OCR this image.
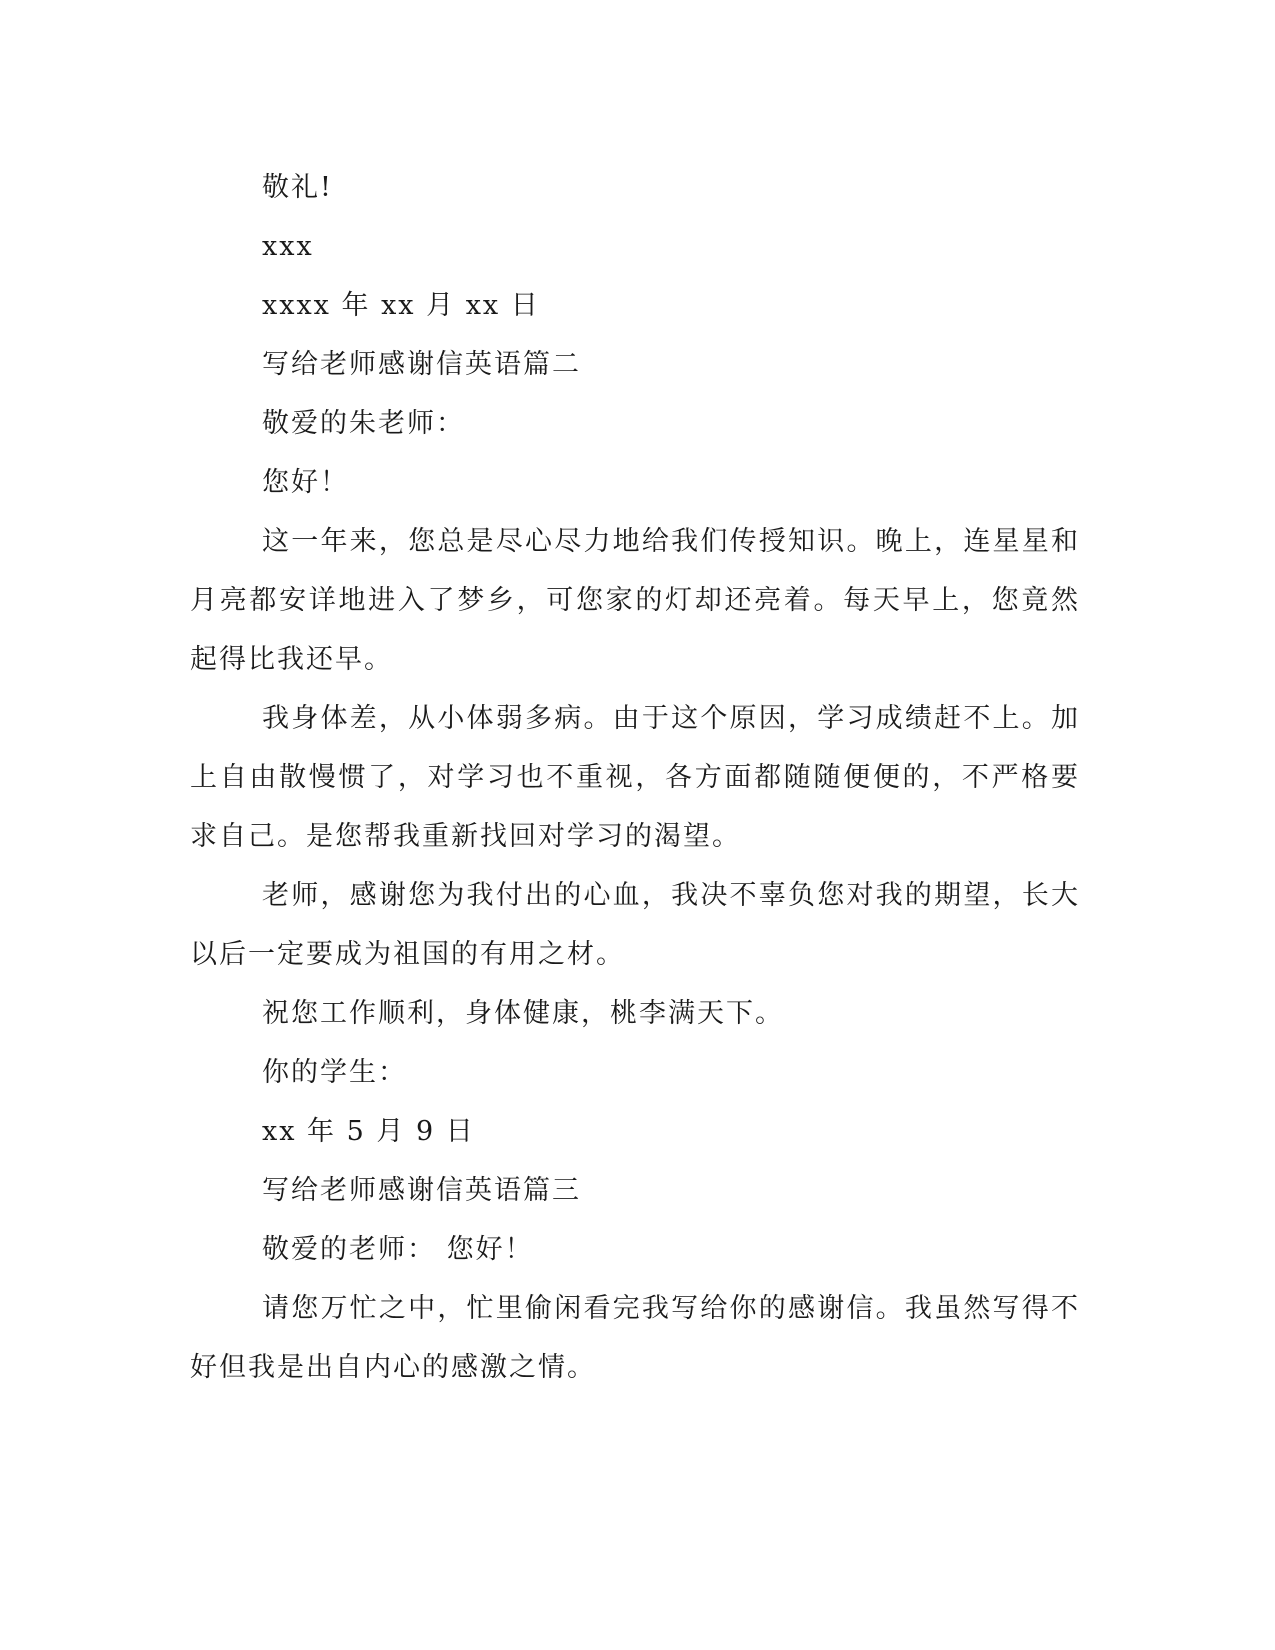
敬礼!

xxx

xxxx 年 xx 月 xx 日

写给老师感谢信英语篇二

敬爱的朱老师：

您好！

这一年来，您总是尽心尽力地给我们传授知识。晚上，连星星和月亮都安详地进入了梦乡，可您家的灯却还亮着。每天早上，您竟然起得比我还早。

我身体差，从小体弱多病。由于这个原因，学习成绩赶不上。加上自由散慢惯了，对学习也不重视，各方面都随随便便的，不严格要求自己。是您帮我重新找回对学习的渴望。

老师，感谢您为我付出的心血，我决不辜负您对我的期望，长大以后一定要成为祖国的有用之材。

祝您工作顺利，身体健康，桃李满天下。

你的学生：

xx 年 5 月 9 日

写给老师感谢信英语篇三

敬爱的老师： 您好！

请您万忙之中，忙里偷闲看完我写给你的感谢信。我虽然写得不好但我是出自内心的感激之情。
